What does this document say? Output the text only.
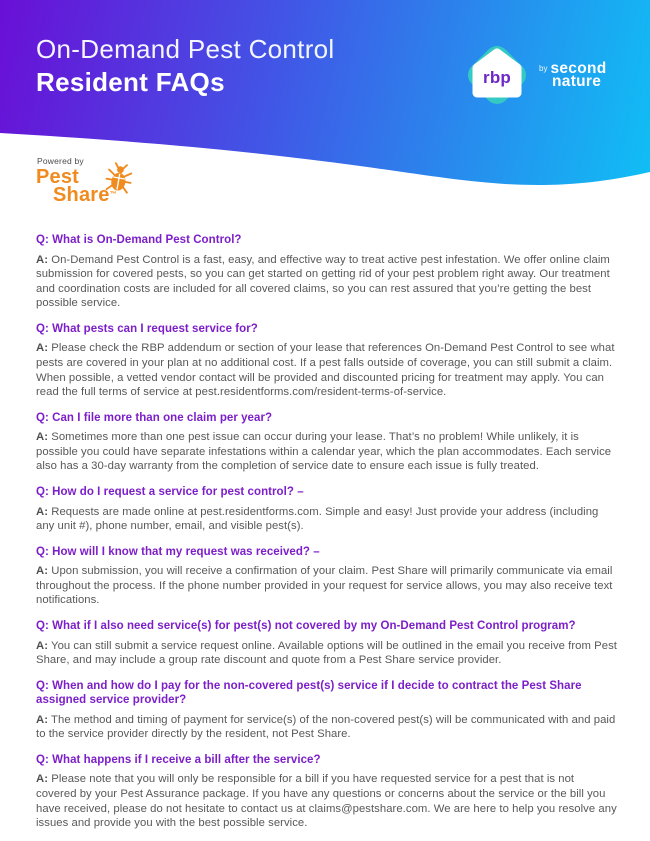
On-Demand Pest Control
Resident FAQs	rbp	by second
nature
Powered by
Pest
Share™
Q: What is On-Demand Pest Control?
A: On-Demand Pest Control is a fast, easy, and effective way to treat active pest infestation. We offer online claim submission for covered pests, so you can get started on getting rid of your pest problem right away. Our treatment and coordination costs are included for all covered claims, so you can rest assured that you’re getting the best possible service.
Q: What pests can I request service for?
A: Please check the RBP addendum or section of your lease that references On-Demand Pest Control to see what pests are covered in your plan at no additional cost. If a pest falls outside of coverage, you can still submit a claim. When possible, a vetted vendor contact will be provided and discounted pricing for treatment may apply. You can read the full terms of service at pest.residentforms.com/resident-terms-of-service.
Q: Can I file more than one claim per year?
A: Sometimes more than one pest issue can occur during your lease. That’s no problem! While unlikely, it is possible you could have separate infestations within a calendar year, which the plan accommodates. Each service also has a 30-day warranty from the completion of service date to ensure each issue is fully treated.
Q: How do I request a service for pest control? –
A: Requests are made online at pest.residentforms.com. Simple and easy! Just provide your address (including any unit #), phone number, email, and visible pest(s).
Q: How will I know that my request was received? –
A: Upon submission, you will receive a confirmation of your claim. Pest Share will primarily communicate via email throughout the process. If the phone number provided in your request for service allows, you may also receive text notifications.
Q: What if I also need service(s) for pest(s) not covered by my On-Demand Pest Control program?
A: You can still submit a service request online. Available options will be outlined in the email you receive from Pest Share, and may include a group rate discount and quote from a Pest Share service provider.
Q: When and how do I pay for the non-covered pest(s) service if I decide to contract the Pest Share assigned service provider?
A: The method and timing of payment for service(s) of the non-covered pest(s) will be communicated with and paid to the service provider directly by the resident, not Pest Share.
Q: What happens if I receive a bill after the service?
A: Please note that you will only be responsible for a bill if you have requested service for a pest that is not covered by your Pest Assurance package. If you have any questions or concerns about the service or the bill you have received, please do not hesitate to contact us at claims@pestshare.com. We are here to help you resolve any issues and provide you with the best possible service.
